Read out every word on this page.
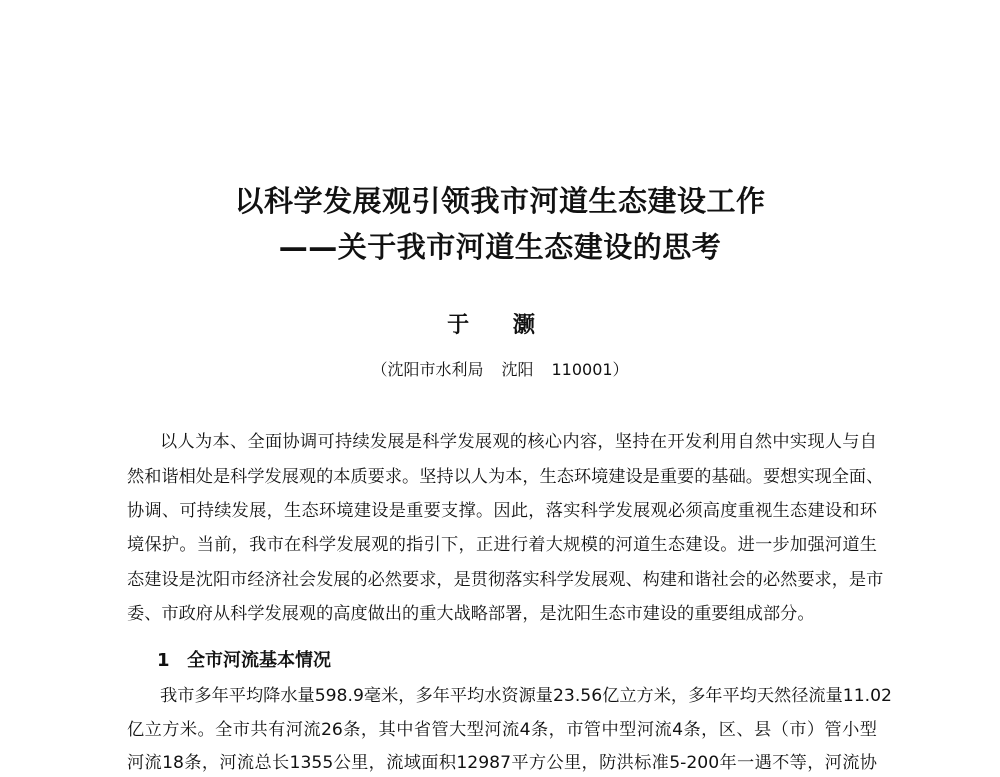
以科学发展观引领我市河道生态建设工作
——关于我市河道生态建设的思考
于 灏
（沈阳市水利局 沈阳 110001）
以人为本、全面协调可持续发展是科学发展观的核心内容，坚持在开发利用自然中实现人与自
然和谐相处是科学发展观的本质要求。坚持以人为本，生态环境建设是重要的基础。要想实现全面、
协调、可持续发展，生态环境建设是重要支撑。因此，落实科学发展观必须高度重视生态建设和环
境保护。当前，我市在科学发展观的指引下，正进行着大规模的河道生态建设。进一步加强河道生
态建设是沈阳市经济社会发展的必然要求，是贯彻落实科学发展观、构建和谐社会的必然要求，是市
委、市政府从科学发展观的高度做出的重大战略部署，是沈阳生态市建设的重要组成部分。
1 全市河流基本情况
我市多年平均降水量598.9毫米，多年平均水资源量23.56亿立方米，多年平均天然径流量11.02
亿立方米。全市共有河流26条，其中省管大型河流4条，市管中型河流4条，区、县（市）管小型
河流18条，河流总长1355公里，流域面积12987平方公里，防洪标准5-200年一遇不等，河流协
